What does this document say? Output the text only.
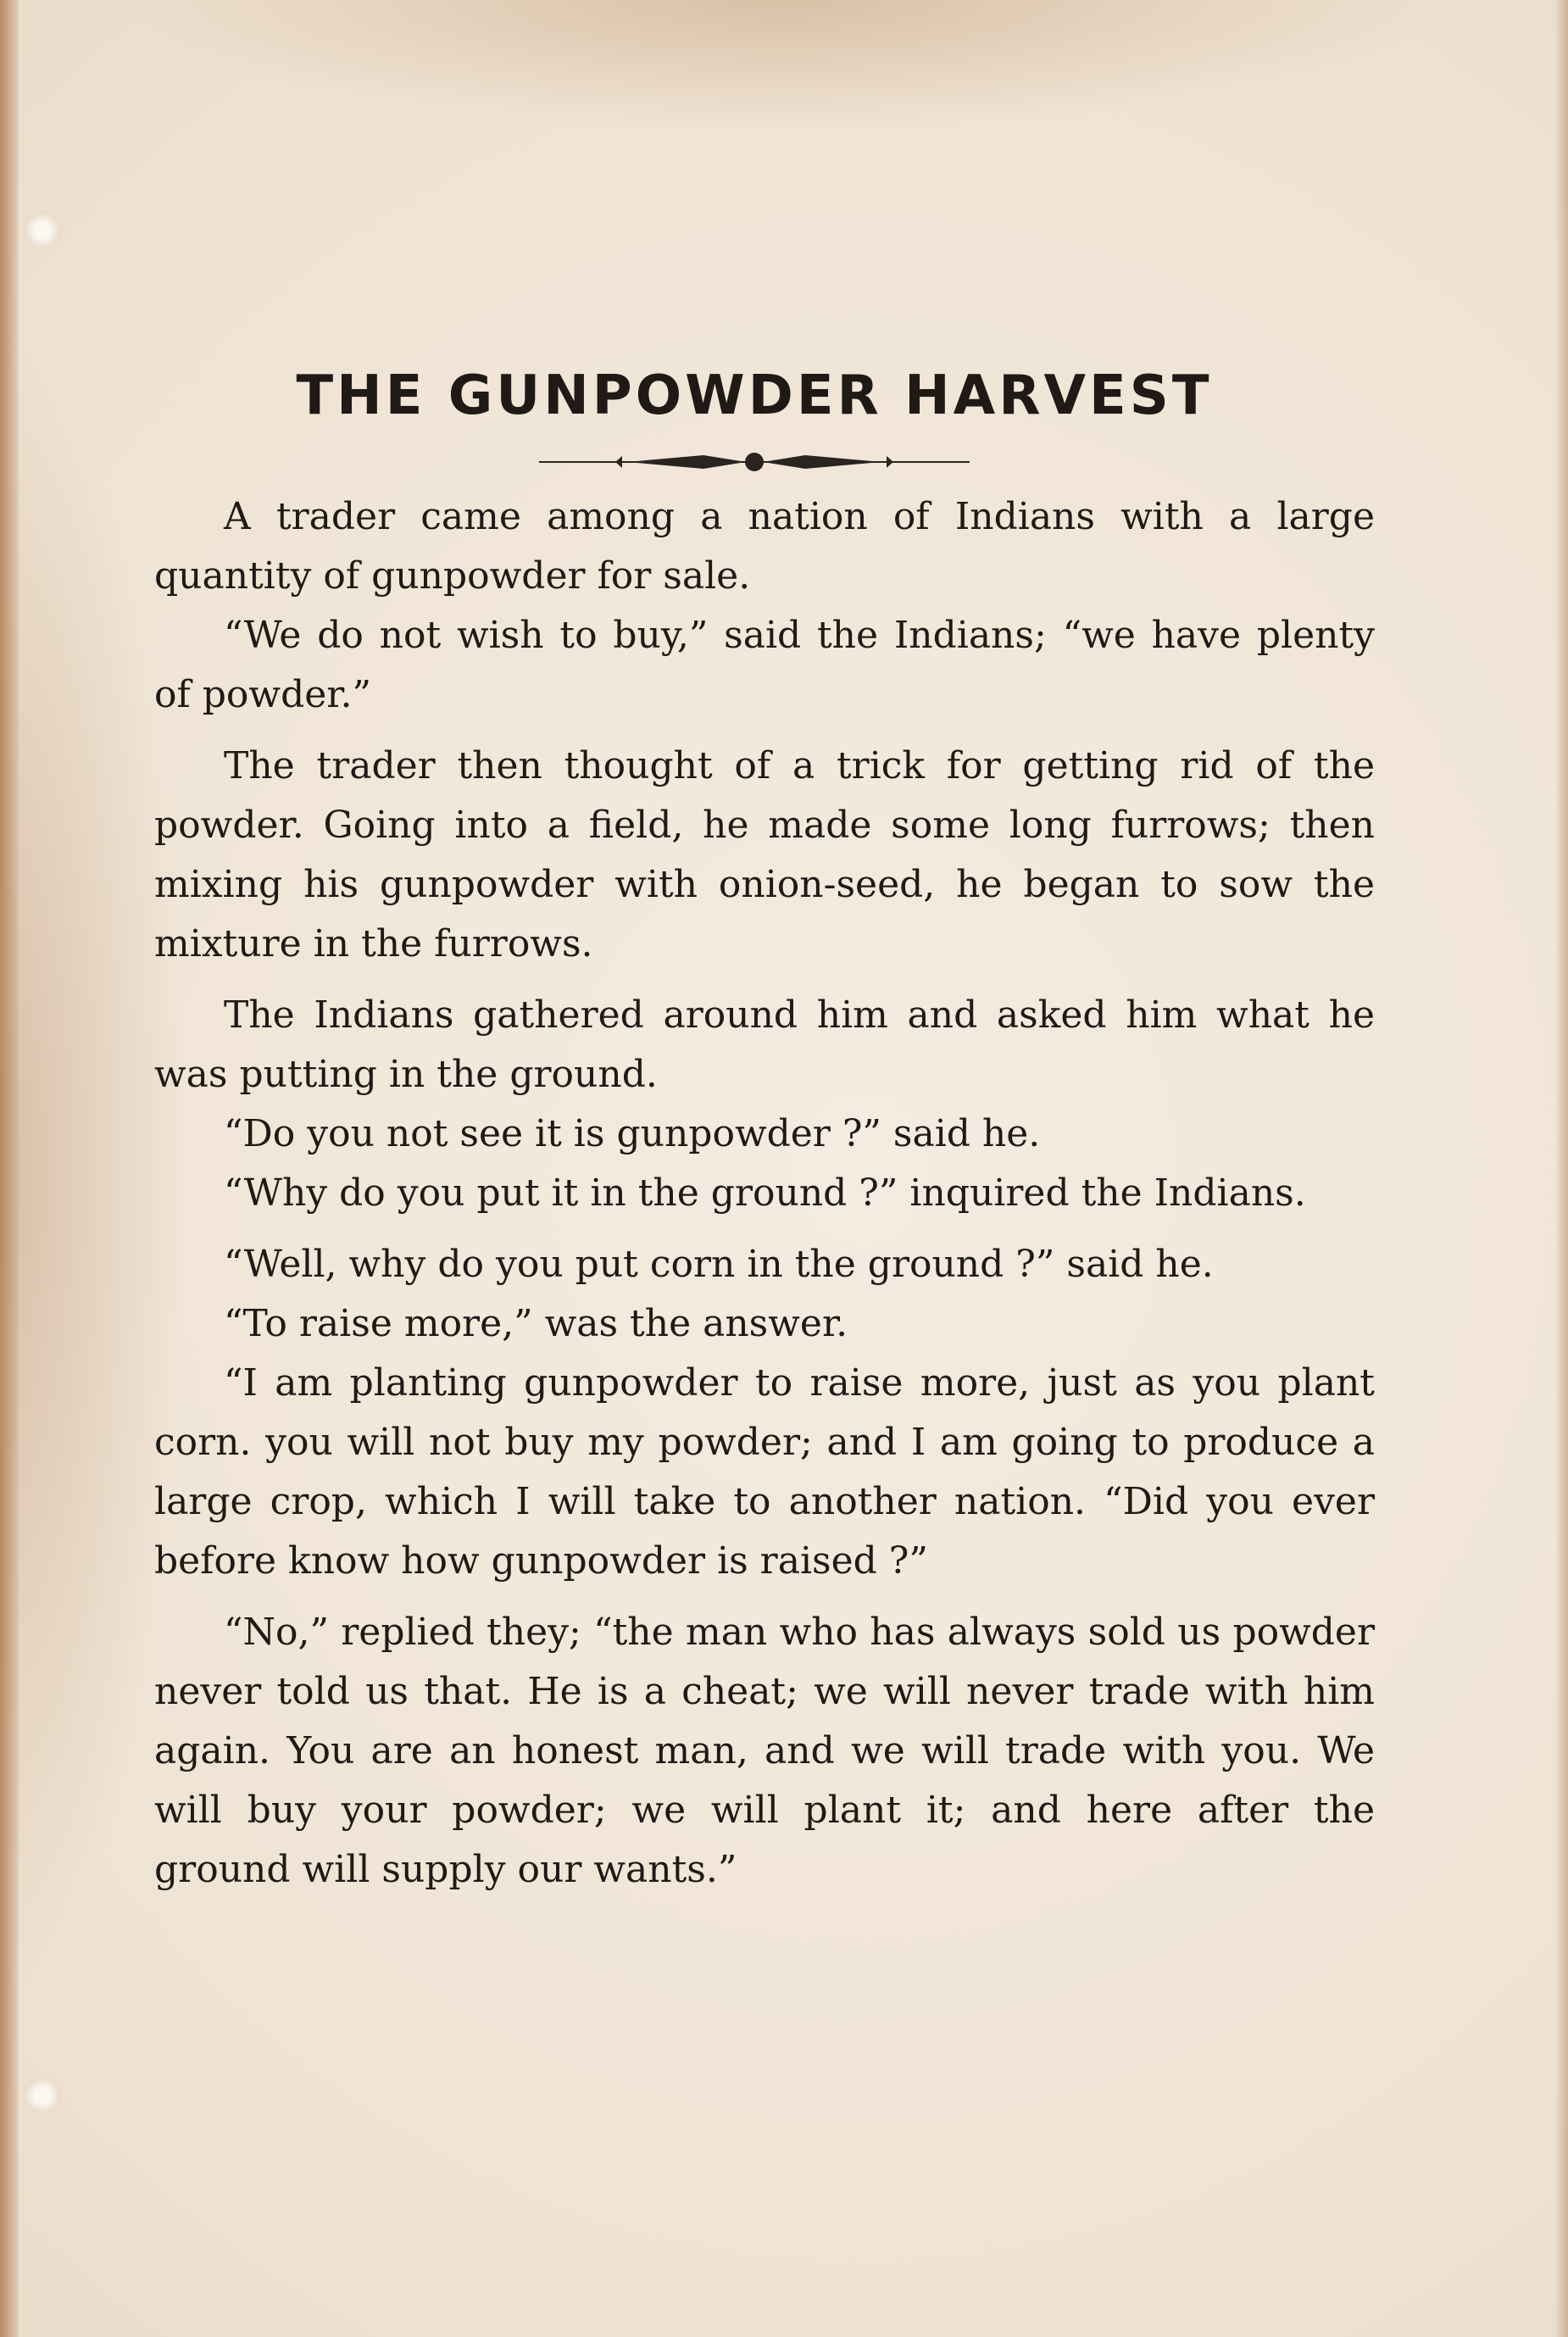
THE GUNPOWDER HARVEST

A trader came among a nation of Indians with a large quantity of gunpowder for sale.

“We do not wish to buy,” said the Indians; “we have plenty of powder.”

The trader then thought of a trick for getting rid of the powder. Going into a field, he made some long furrows; then mixing his gunpowder with onion-seed, he began to sow the mixture in the furrows.

The Indians gathered around him and asked him what he was putting in the ground.

“Do you not see it is gunpowder ?” said he.

“Why do you put it in the ground ?” inquired the Indians.

“Well, why do you put corn in the ground ?” said he.

“To raise more,” was the answer.

“I am planting gunpowder to raise more, just as you plant corn. you will not buy my powder; and I am going to produce a large crop, which I will take to another nation. “Did you ever before know how gunpowder is raised ?”

“No,” replied they; “the man who has always sold us powder never told us that. He is a cheat; we will never trade with him again. You are an honest man, and we will trade with you. We will buy your powder; we will plant it; and here after the ground will supply our wants.”
